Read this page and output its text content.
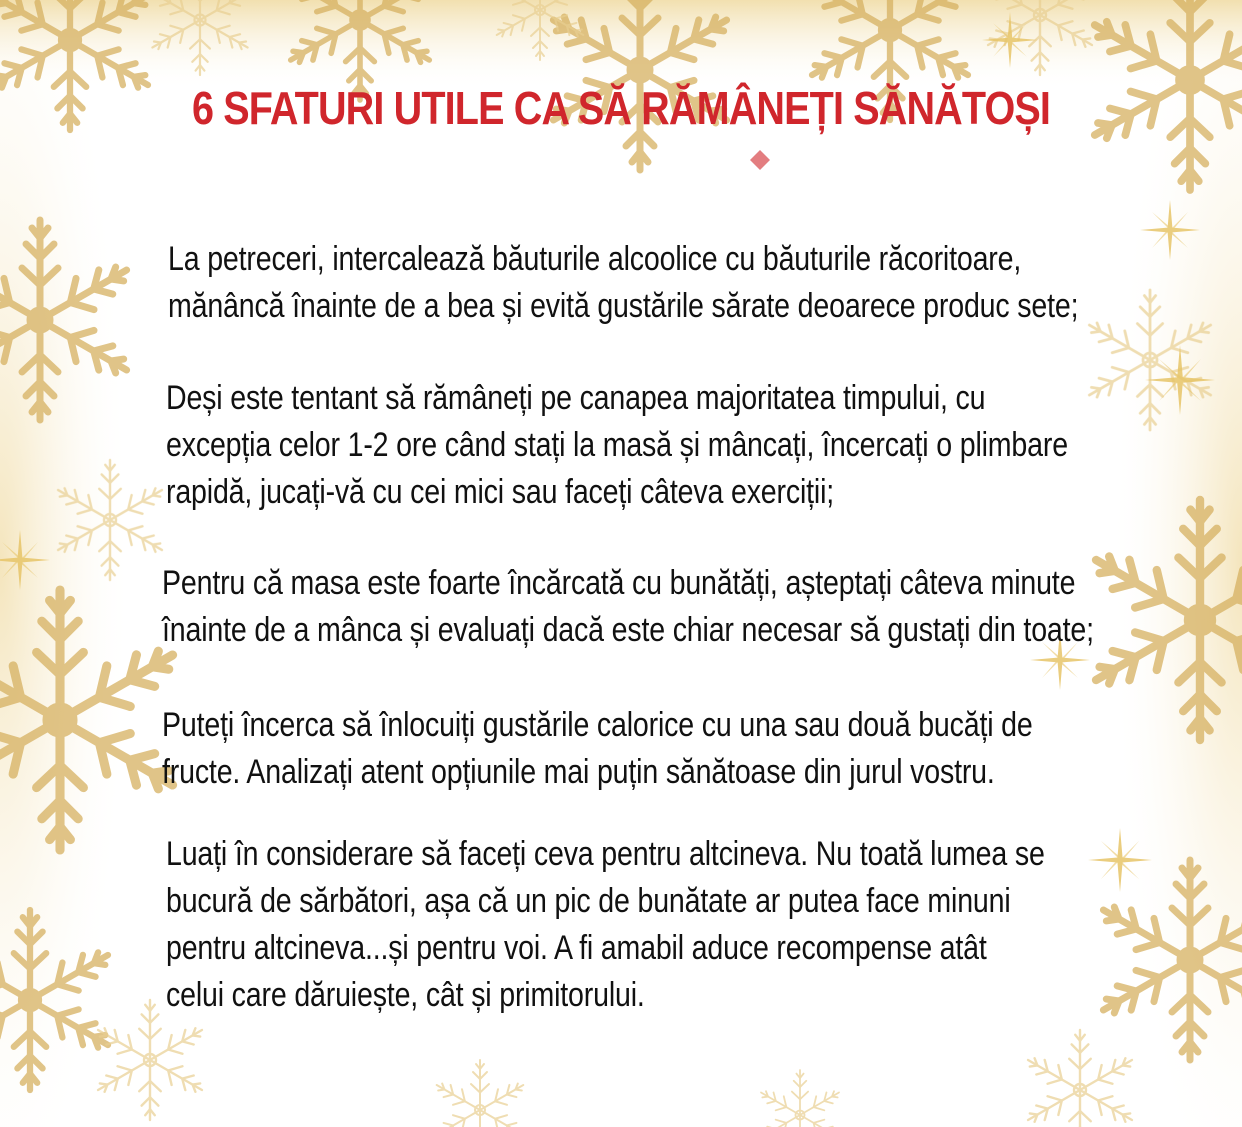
6 SFATURI UTILE CA SĂ RĂMÂNEȚI SĂNĂTOȘI

La petreceri, intercalează băuturile alcoolice cu băuturile răcoritoare,
mănâncă înainte de a bea și evită gustările sărate deoarece produc sete;

Deși este tentant să rămâneți pe canapea majoritatea timpului, cu
excepția celor 1-2 ore când stați la masă și mâncați, încercați o plimbare
rapidă, jucați-vă cu cei mici sau faceți câteva exerciții;

Pentru că masa este foarte încărcată cu bunătăți, așteptați câteva minute
înainte de a mânca și evaluați dacă este chiar necesar să gustați din toate;

Puteți încerca să înlocuiți gustările calorice cu una sau două bucăți de
fructe. Analizați atent opțiunile mai puțin sănătoase din jurul vostru.

Luați în considerare să faceți ceva pentru altcineva. Nu toată lumea se
bucură de sărbători, așa că un pic de bunătate ar putea face minuni
pentru altcineva...și pentru voi. A fi amabil aduce recompense atât
celui care dăruiește, cât și primitorului.
